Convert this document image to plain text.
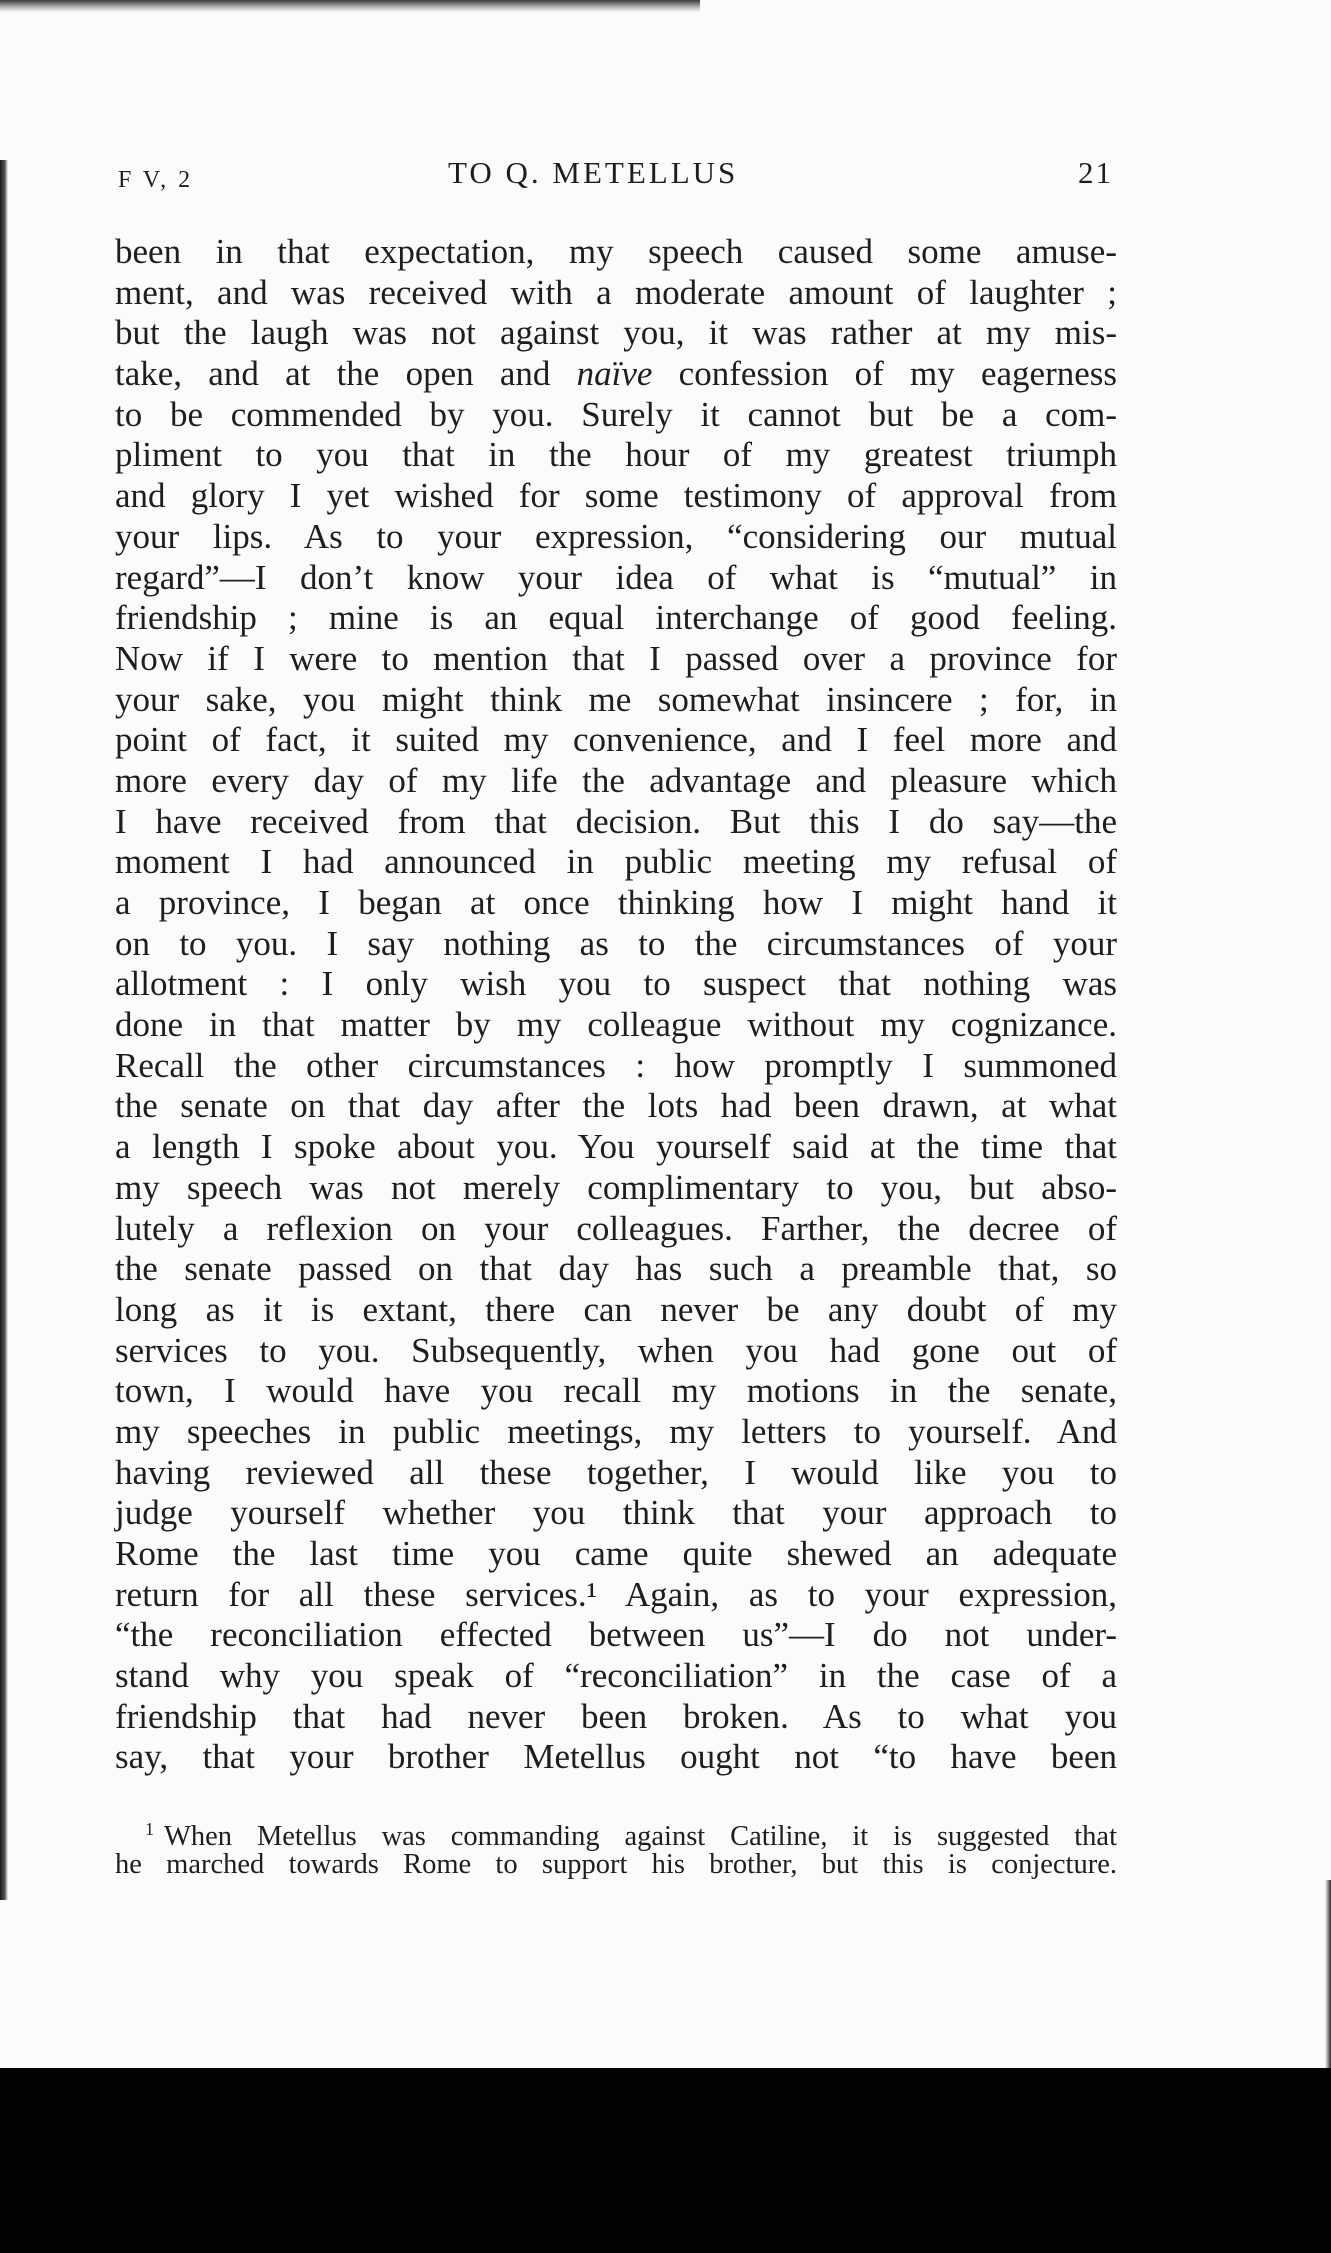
F V, 2	TO Q. METELLUS	21
been in that expectation, my speech caused some amuse-
ment, and was received with a moderate amount of laughter ;
but the laugh was not against you, it was rather at my mis-
take, and at the open and naïve confession of my eagerness
to be commended by you. Surely it cannot but be a com-
pliment to you that in the hour of my greatest triumph
and glory I yet wished for some testimony of approval from
your lips. As to your expression, “considering our mutual
regard”—I don’t know your idea of what is “mutual” in
friendship ; mine is an equal interchange of good feeling.
Now if I were to mention that I passed over a province for
your sake, you might think me somewhat insincere ; for, in
point of fact, it suited my convenience, and I feel more and
more every day of my life the advantage and pleasure which
I have received from that decision. But this I do say—the
moment I had announced in public meeting my refusal of
a province, I began at once thinking how I might hand it
on to you. I say nothing as to the circumstances of your
allotment : I only wish you to suspect that nothing was
done in that matter by my colleague without my cognizance.
Recall the other circumstances : how promptly I summoned
the senate on that day after the lots had been drawn, at what
a length I spoke about you. You yourself said at the time that
my speech was not merely complimentary to you, but abso-
lutely a reflexion on your colleagues. Farther, the decree of
the senate passed on that day has such a preamble that, so
long as it is extant, there can never be any doubt of my
services to you. Subsequently, when you had gone out of
town, I would have you recall my motions in the senate,
my speeches in public meetings, my letters to yourself. And
having reviewed all these together, I would like you to
judge yourself whether you think that your approach to
Rome the last time you came quite shewed an adequate
return for all these services.¹ Again, as to your expression,
“the reconciliation effected between us”—I do not under-
stand why you speak of “reconciliation” in the case of a
friendship that had never been broken. As to what you
say, that your brother Metellus ought not “to have been
$^1$ When Metellus was commanding against Catiline, it is suggested that
he marched towards Rome to support his brother, but this is conjecture.
